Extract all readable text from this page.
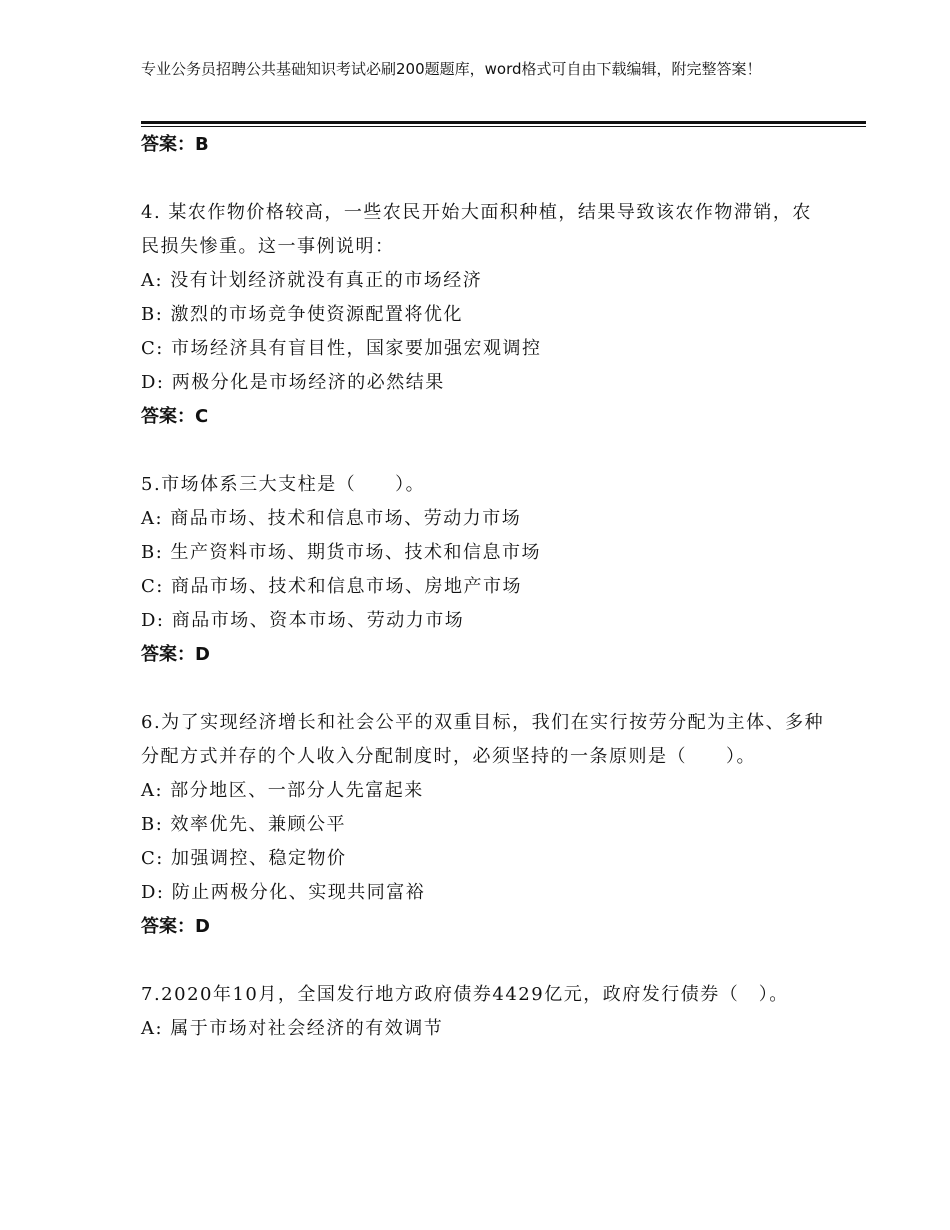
专业公务员招聘公共基础知识考试必刷200题题库，word格式可自由下载编辑，附完整答案！
答案：B
4. 某农作物价格较高，一些农民开始大面积种植，结果导致该农作物滞销，农民损失惨重。这一事例说明：
A: 没有计划经济就没有真正的市场经济
B: 激烈的市场竞争使资源配置将优化
C: 市场经济具有盲目性，国家要加强宏观调控
D: 两极分化是市场经济的必然结果
答案：C
5.市场体系三大支柱是（　　）。
A: 商品市场、技术和信息市场、劳动力市场
B: 生产资料市场、期货市场、技术和信息市场
C: 商品市场、技术和信息市场、房地产市场
D: 商品市场、资本市场、劳动力市场
答案：D
6.为了实现经济增长和社会公平的双重目标，我们在实行按劳分配为主体、多种分配方式并存的个人收入分配制度时，必须坚持的一条原则是（　　）。
A: 部分地区、一部分人先富起来
B: 效率优先、兼顾公平
C: 加强调控、稳定物价
D: 防止两极分化、实现共同富裕
答案：D
7.2020年10月，全国发行地方政府债券4429亿元，政府发行债券（　）。
A: 属于市场对社会经济的有效调节
